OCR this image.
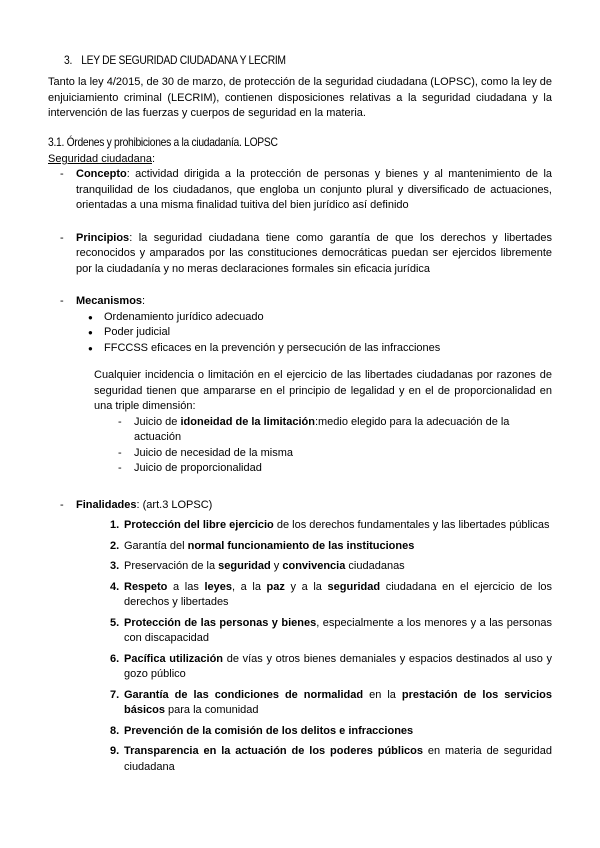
3. LEY DE SEGURIDAD CIUDADANA Y LECRIM

Tanto la ley 4/2015, de 30 de marzo, de protección de la seguridad ciudadana (LOPSC), como la ley de enjuiciamiento criminal (LECRIM), contienen disposiciones relativas a la seguridad ciudadana y la intervención de las fuerzas y cuerpos de seguridad en la materia.

3.1. Órdenes y prohibiciones a la ciudadanía. LOPSC
Seguridad ciudadana:
- Concepto: actividad dirigida a la protección de personas y bienes y al mantenimiento de la tranquilidad de los ciudadanos, que engloba un conjunto plural y diversificado de actuaciones, orientadas a una misma finalidad tuitiva del bien jurídico así definido
- Principios: la seguridad ciudadana tiene como garantía de que los derechos y libertades reconocidos y amparados por las constituciones democráticas puedan ser ejercidos libremente por la ciudadanía y no meras declaraciones formales sin eficacia jurídica
- Mecanismos:
● Ordenamiento jurídico adecuado
● Poder judicial
● FFCCSS eficaces en la prevención y persecución de las infracciones

Cualquier incidencia o limitación en el ejercicio de las libertades ciudadanas por razones de seguridad tienen que ampararse en el principio de legalidad y en el de proporcionalidad en una triple dimensión:

- Juicio de idoneidad de la limitación:medio elegido para la adecuación de la actuación
- Juicio de necesidad de la misma
- Juicio de proporcionalidad
- Finalidades: (art.3 LOPSC)
1. Protección del libre ejercicio de los derechos fundamentales y las libertades públicas
2. Garantía del normal funcionamiento de las instituciones
3. Preservación de la seguridad y convivencia ciudadanas
4. Respeto a las leyes, a la paz y a la seguridad ciudadana en el ejercicio de los derechos y libertades
5. Protección de las personas y bienes, especialmente a los menores y a las personas con discapacidad
6. Pacífica utilización de vías y otros bienes demaniales y espacios destinados al uso y gozo público
7. Garantía de las condiciones de normalidad en la prestación de los servicios básicos para la comunidad
8. Prevención de la comisión de los delitos e infracciones
9. Transparencia en la actuación de los poderes públicos en materia de seguridad ciudadana
